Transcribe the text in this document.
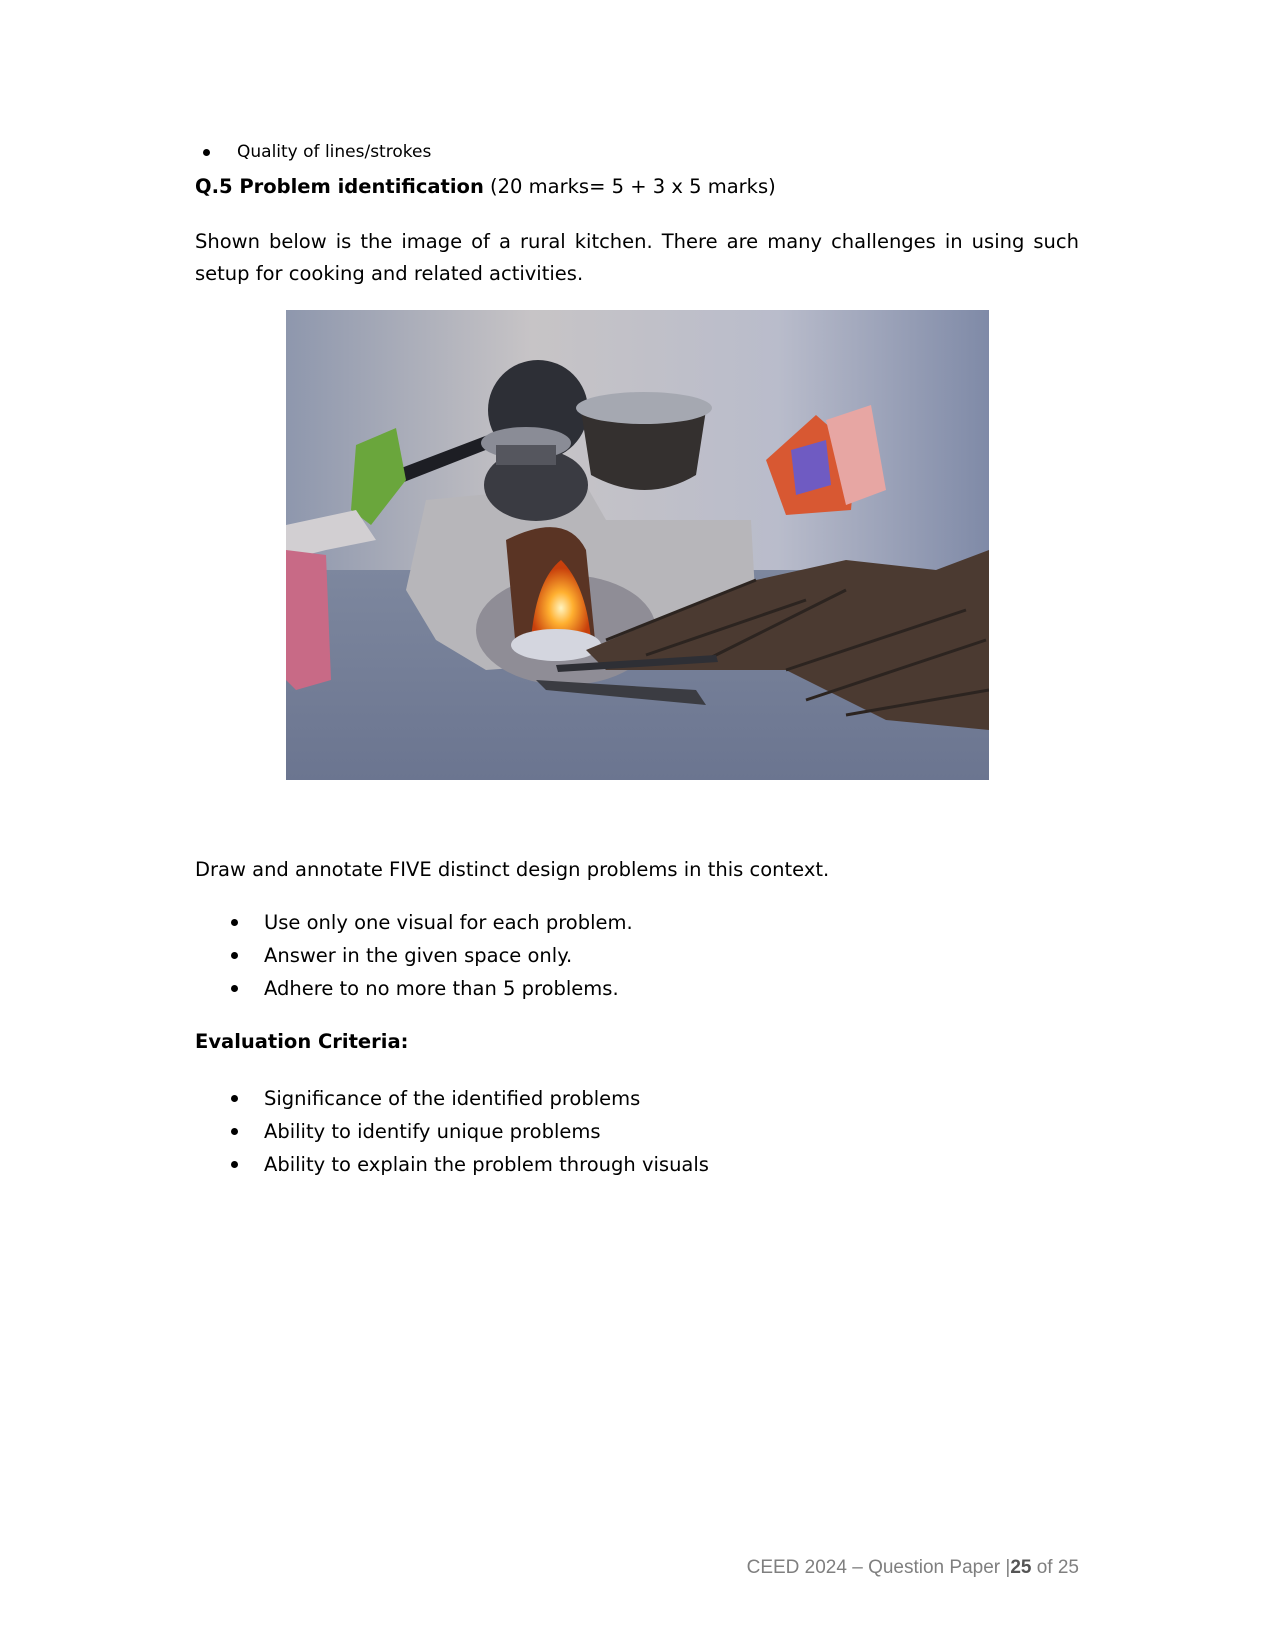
Quality of lines/strokes
Q.5 Problem identification (20 marks= 5 + 3 x 5 marks)
Shown below is the image of a rural kitchen. There are many challenges in using such setup for cooking and related activities.
Draw and annotate FIVE distinct design problems in this context.
Use only one visual for each problem.
Answer in the given space only.
Adhere to no more than 5 problems.
Evaluation Criteria:
Significance of the identified problems
Ability to identify unique problems
Ability to explain the problem through visuals
CEED 2024 – Question Paper |25 of 25
